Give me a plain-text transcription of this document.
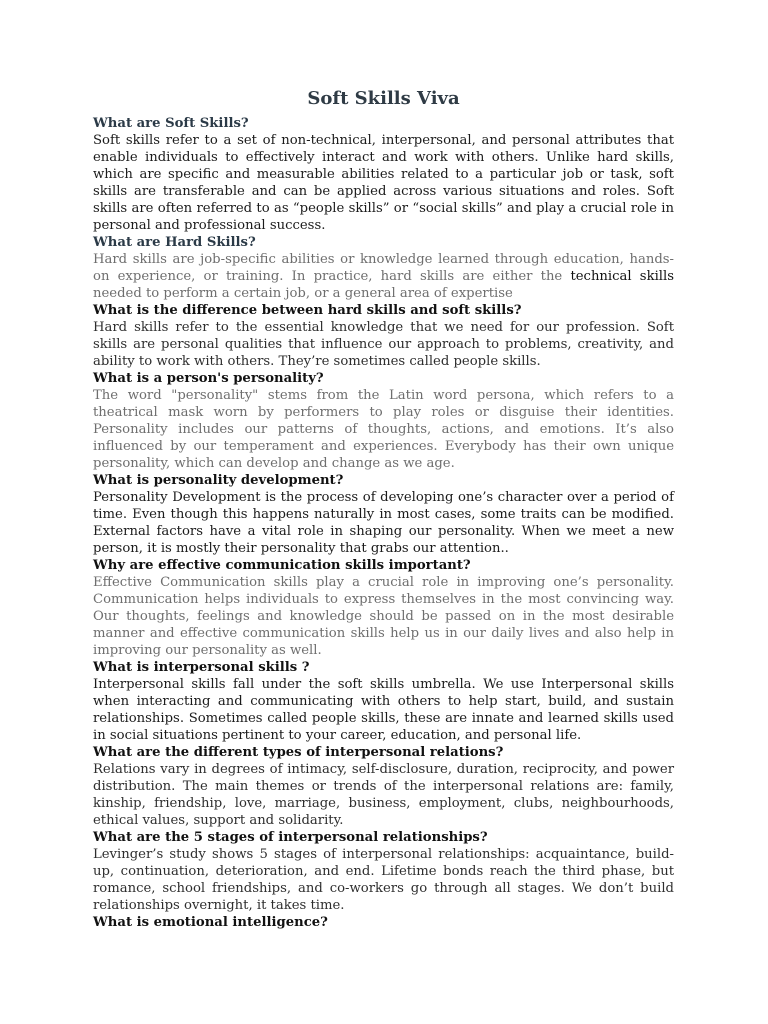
Soft Skills Viva

What are Soft Skills?

Soft skills refer to a set of non-technical, interpersonal, and personal attributes that enable individuals to effectively interact and work with others. Unlike hard skills, which are specific and measurable abilities related to a particular job or task, soft skills are transferable and can be applied across various situations and roles. Soft skills are often referred to as “people skills” or “social skills” and play a crucial role in personal and professional success.

What are Hard Skills?

Hard skills are job-specific abilities or knowledge learned through education, hands-on experience, or training. In practice, hard skills are either the technical skills needed to perform a certain job, or a general area of expertise

What is the difference between hard skills and soft skills?

Hard skills refer to the essential knowledge that we need for our profession. Soft skills are personal qualities that influence our approach to problems, creativity, and ability to work with others. They’re sometimes called people skills.

What is a person's personality?

The word "personality" stems from the Latin word persona, which refers to a theatrical mask worn by performers to play roles or disguise their identities. Personality includes our patterns of thoughts, actions, and emotions. It’s also influenced by our temperament and experiences. Everybody has their own unique personality, which can develop and change as we age.

What is personality development?

Personality Development is the process of developing one’s character over a period of time. Even though this happens naturally in most cases, some traits can be modified. External factors have a vital role in shaping our personality. When we meet a new person, it is mostly their personality that grabs our attention..

Why are effective communication skills important?

Effective Communication skills play a crucial role in improving one’s personality. Communication helps individuals to express themselves in the most convincing way. Our thoughts, feelings and knowledge should be passed on in the most desirable manner and effective communication skills help us in our daily lives and also help in improving our personality as well.

What is interpersonal skills ?

Interpersonal skills fall under the soft skills umbrella. We use Interpersonal skills when interacting and communicating with others to help start, build, and sustain relationships. Sometimes called people skills, these are innate and learned skills used in social situations pertinent to your career, education, and personal life.

What are the different types of interpersonal relations?

Relations vary in degrees of intimacy, self-disclosure, duration, reciprocity, and power distribution. The main themes or trends of the interpersonal relations are: family, kinship, friendship, love, marriage, business, employment, clubs, neighbourhoods, ethical values, support and solidarity.

What are the 5 stages of interpersonal relationships?

Levinger’s study shows 5 stages of interpersonal relationships: acquaintance, build-up, continuation, deterioration, and end. Lifetime bonds reach the third phase, but romance, school friendships, and co-workers go through all stages. We don’t build relationships overnight, it takes time.

What is emotional intelligence?
